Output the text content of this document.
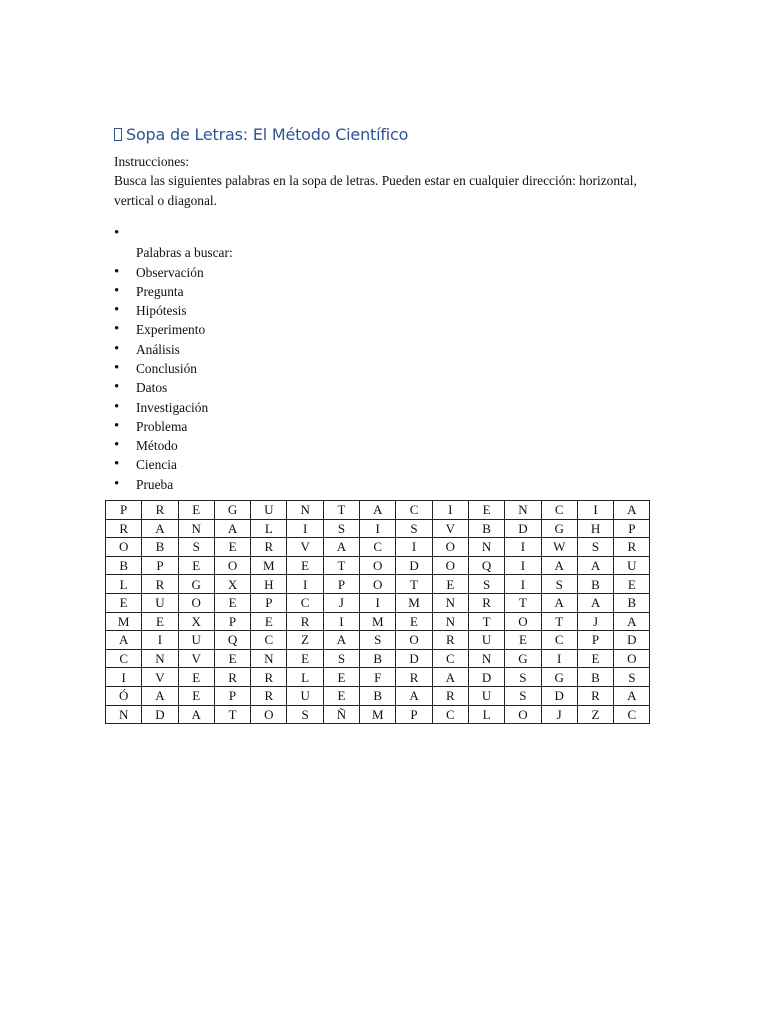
Sopa de Letras: El Método Científico

Instrucciones:

Busca las siguientes palabras en la sopa de letras. Pueden estar en cualquier dirección: horizontal, vertical o diagonal.

•
Palabras a buscar:
• Observación
• Pregunta
• Hipótesis
• Experimento
• Análisis
• Conclusión
• Datos
• Investigación
• Problema
• Método
• Ciencia
• Prueba
P	R	E	G	U	N	T	A	C	I	E	N	C	I	A
R	A	N	A	L	I	S	I	S	V	B	D	G	H	P
O	B	S	E	R	V	A	C	I	O	N	I	W	S	R
B	P	E	O	M	E	T	O	D	O	Q	I	A	A	U
L	R	G	X	H	I	P	O	T	E	S	I	S	B	E
E	U	O	E	P	C	J	I	M	N	R	T	A	A	B
M	E	X	P	E	R	I	M	E	N	T	O	T	J	A
A	I	U	Q	C	Z	A	S	O	R	U	E	C	P	D
C	N	V	E	N	E	S	B	D	C	N	G	I	E	O
I	V	E	R	R	L	E	F	R	A	D	S	G	B	S
Ó	A	E	P	R	U	E	B	A	R	U	S	D	R	A
N	D	A	T	O	S	Ñ	M	P	C	L	O	J	Z	C
